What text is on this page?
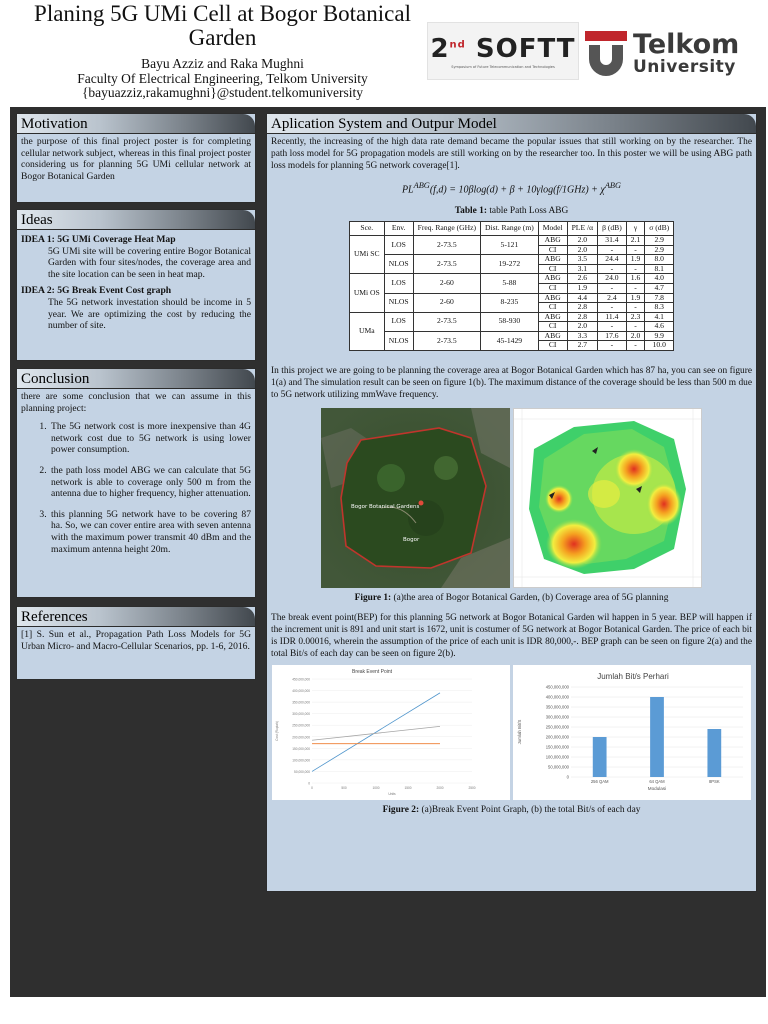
Planing 5G UMi Cell at Bogor Botanical Garden
Bayu Azziz and Raka Mughni
Faculty Of Electrical Engineering, Telkom University
{bayuazziz,rakamughni}@student.telkomuniversity
2nd SOFTT
Symposium of Future Telecommunication and Technologies
Telkom
University
Motivation
the purpose of this final project poster is for completing cellular network subject, whereas in this final project poster considering us for planning 5G UMi cellular network at Bogor Botanical Garden
Ideas
IDEA 1: 5G UMi Coverage Heat Map
5G UMi site will be covering entire Bogor Botanical Garden with four sites/nodes, the coverage area and the site location can be seen in heat map.
IDEA 2: 5G Break Event Cost graph
The 5G network investation should be income in 5 year. We are optimizing the cost by reducing the number of site.
Conclusion
there are some conclusion that we can assume in this planning project:
1. The 5G network cost is more inexpensive than 4G network cost due to 5G network is using lower power consumption.
2. the path loss model ABG we can calculate that 5G network is able to coverage only 500 m from the antenna due to higher frequency, higher attenuation.
3. this planning 5G network have to be covering 87 ha. So, we can cover entire area with seven antenna with the maximum power transmit 40 dBm and the maximum antenna height 20m.
References
[1] S. Sun et al., Propagation Path Loss Models for 5G Urban Micro- and Macro-Cellular Scenarios, pp. 1-6, 2016.
Aplication System and Outpur Model
Recently, the increasing of the high data rate demand became the popular issues that still working on by the researcher. The path loss model for 5G propagation models are still working on by the researcher too. In this poster we will be using ABG path loss models for planning 5G network coverage[1].
$PL^{ABG}(f,d) = 10\beta\log(d) + \beta + 10\gamma\log(f/1GHz) + \chi^{ABG}$
Table 1: table Path Loss ABG
Sce.	Env.	Freq. Range (GHz)	Dist. Range (m)	Model	PLE /α	β (dB)	γ	σ (dB)
UMi SC	LOS	2-73.5	5-121	ABG	2.0	31.4	2.1	2.9
				CI	2.0	-	-	2.9
	NLOS	2-73.5	19-272	ABG	3.5	24.4	1.9	8.0
				CI	3.1	-	-	8.1
UMi OS	LOS	2-60	5-88	ABG	2.6	24.0	1.6	4.0
				CI	1.9	-	-	4.7
	NLOS	2-60	8-235	ABG	4.4	2.4	1.9	7.8
				CI	2.8	-	-	8.3
UMa	LOS	2-73.5	58-930	ABG	2.8	11.4	2.3	4.1
				CI	2.0	-	-	4.6
	NLOS	2-73.5	45-1429	ABG	3.3	17.6	2.0	9.9
				CI	2.7	-	-	10.0
In this project we are going to be planning the coverage area at Bogor Botanical Garden which has 87 ha, you can see on figure 1(a) and The simulation result can be seen on figure 1(b). The maximum distance of the coverage should be less than 500 m due to 5G network utilizing mmWave frequency.
Bogor Botanical Gardens
Bogor
Figure 1: (a)the area of Bogor Botanical Garden, (b) Coverage area of 5G planning
The break event point(BEP) for this planning 5G network at Bogor Botanical Garden wil happen in 5 year. BEP will happen if the increment unit is 891 and unit start is 1672, unit is costumer of 5G network at Bogor Botanical Garden. The price of each bit is IDR 0.00016, wherein the assumption of the price of each unit is IDR 80,000,-. BEP graph can be seen on figure 2(a) and the total Bit/s of each day can be seen on figure 2(b).
Break Event Point
0
50,000,000
100,000,000
150,000,000
200,000,000
250,000,000
300,000,000
350,000,000
400,000,000
450,000,000
0	500	1000	1500	2000	2500
Units
Cost (Rupiah)
Jumlah Bit/s Perhari
0
50,000,000
100,000,000
150,000,000
200,000,000
250,000,000
300,000,000
350,000,000
400,000,000
450,000,000
256 QAM	64 QAM	8PSK
Modulasi
Jumlah Bit/S
Figure 2: (a)Break Event Point Graph, (b) the total Bit/s of each day
